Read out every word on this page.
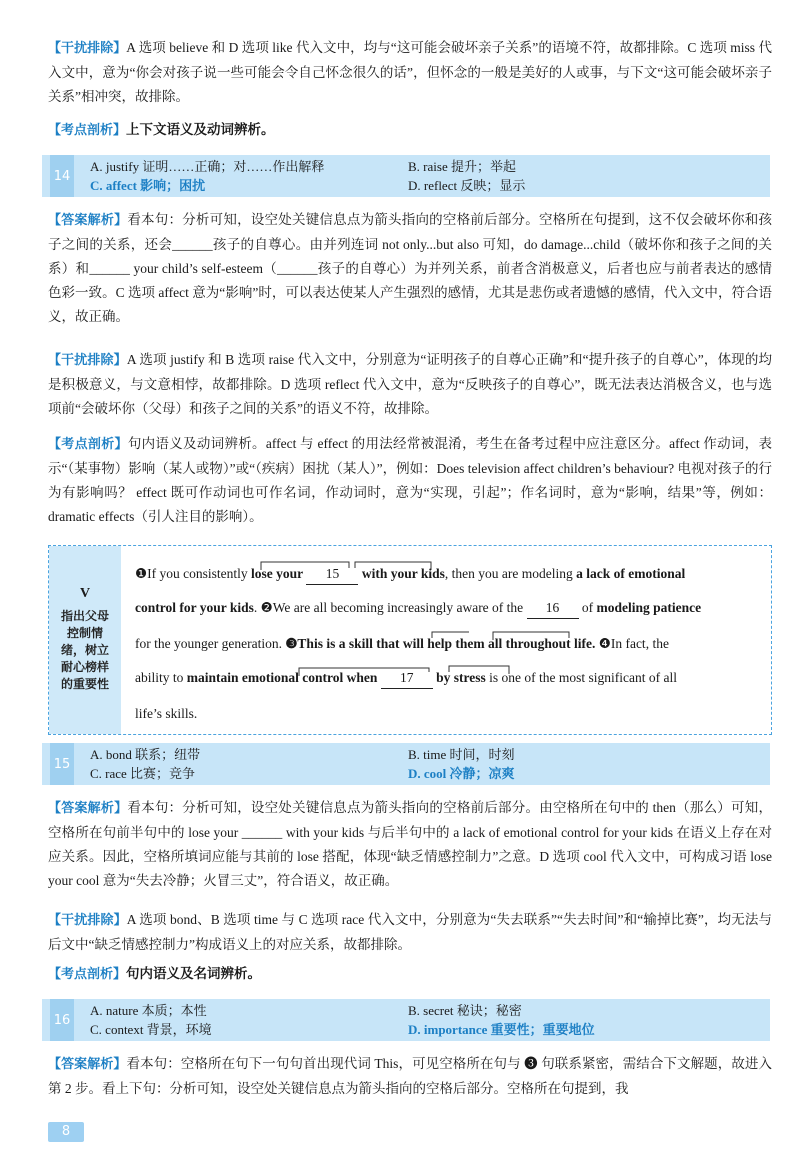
【干扰排除】A 选项 believe 和 D 选项 like 代入文中，均与“这可能会破坏亲子关系”的语境不符，故都排除。C 选项 miss 代入文中，意为“你会对孩子说一些可能会令自己怀念很久的话”，但怀念的一般是美好的人或事，与下文“这可能会破坏亲子关系”相冲突，故排除。
【考点剖析】上下文语义及动词辨析。
14
A. justify 证明……正确；对……作出解释	B. raise 提升；举起
C. affect 影响；困扰	D. reflect 反映；显示
【答案解析】看本句：分析可知，设空处关键信息点为箭头指向的空格前后部分。空格所在句提到，这不仅会破坏你和孩子之间的关系，还会______孩子的自尊心。由并列连词 not only...but also 可知，do damage...child（破坏你和孩子之间的关系）和______ your child’s self-esteem（______孩子的自尊心）为并列关系，前者含消极意义，后者也应与前者表达的感情色彩一致。C 选项 affect 意为“影响”时，可以表达使某人产生强烈的感情，尤其是悲伤或者遗憾的感情，代入文中，符合语义，故正确。
【干扰排除】A 选项 justify 和 B 选项 raise 代入文中，分别意为“证明孩子的自尊心正确”和“提升孩子的自尊心”，体现的均是积极意义，与文意相悖，故都排除。D 选项 reflect 代入文中，意为“反映孩子的自尊心”，既无法表达消极含义，也与选项前“会破坏你（父母）和孩子之间的关系”的语义不符，故排除。
【考点剖析】句内语义及动词辨析。affect 与 effect 的用法经常被混淆，考生在备考过程中应注意区分。affect 作动词，表示“（某事物）影响（某人或物）”或“（疾病）困扰（某人）”，例如：Does television affect children’s behaviour? 电视对孩子的行为有影响吗？ effect 既可作动词也可作名词，作动词时，意为“实现，引起”；作名词时，意为“影响，结果”等，例如：dramatic effects（引人注目的影响）。
V
指出父母控制情绪，树立耐心榜样的重要性
❶If you consistently lose your 15 with your kids, then you are modeling a lack of emotional
control for your kids. ❷We are all becoming increasingly aware of the 16 of modeling patience
for the younger generation. ❸This is a skill that will help them all throughout life. ❹In fact, the
ability to maintain emotional control when 17 by stress is one of the most significant of all
life’s skills.
15
A. bond 联系；纽带	B. time 时间，时刻
C. race 比赛；竞争	D. cool 冷静；凉爽
【答案解析】看本句：分析可知，设空处关键信息点为箭头指向的空格前后部分。由空格所在句中的 then（那么）可知，空格所在句前半句中的 lose your ______ with your kids 与后半句中的 a lack of emotional control for your kids 在语义上存在对应关系。因此，空格所填词应能与其前的 lose 搭配，体现“缺乏情感控制力”之意。D 选项 cool 代入文中，可构成习语 lose your cool 意为“失去冷静；火冒三丈”，符合语义，故正确。
【干扰排除】A 选项 bond、B 选项 time 与 C 选项 race 代入文中，分别意为“失去联系”“失去时间”和“输掉比赛”，均无法与后文中“缺乏情感控制力”构成语义上的对应关系，故都排除。
【考点剖析】句内语义及名词辨析。
16
A. nature 本质；本性	B. secret 秘诀；秘密
C. context 背景，环境	D. importance 重要性；重要地位
【答案解析】看本句：空格所在句下一句句首出现代词 This，可见空格所在句与 ❸ 句联系紧密，需结合下文解题，故进入第 2 步。看上下句：分析可知，设空处关键信息点为箭头指向的空格后部分。空格所在句提到，我
8
